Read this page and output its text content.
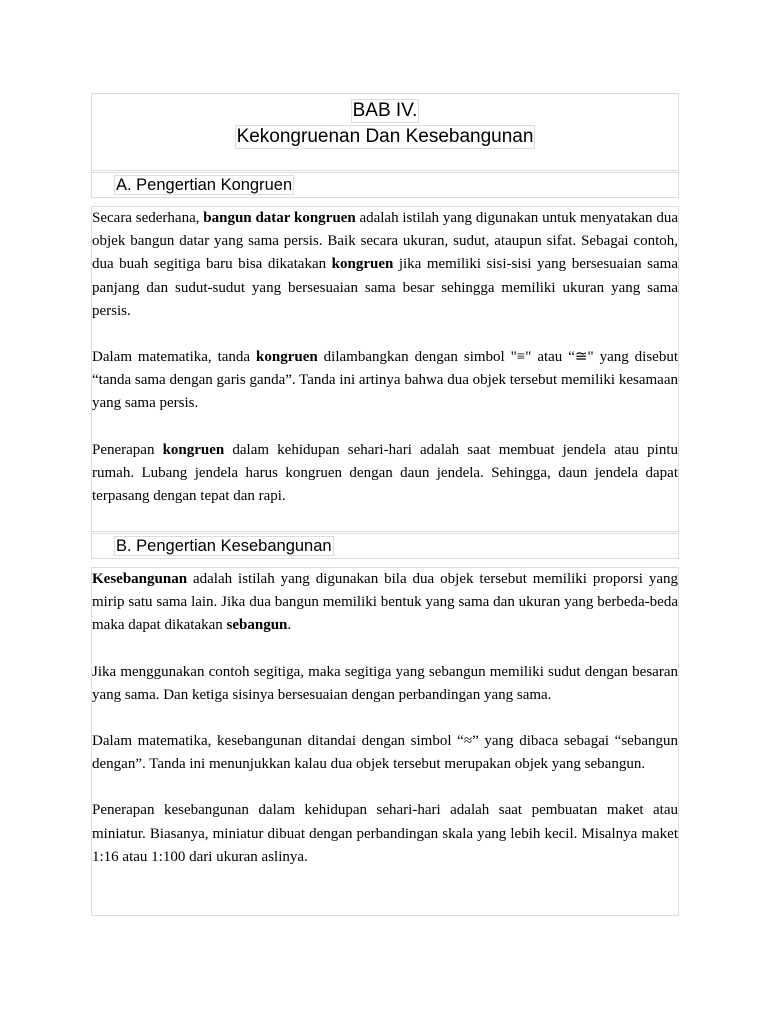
BAB IV.
Kekongruenan Dan Kesebangunan
A. Pengertian Kongruen
Secara sederhana, bangun datar kongruen adalah istilah yang digunakan untuk menyatakan dua objek bangun datar yang sama persis. Baik secara ukuran, sudut, ataupun sifat. Sebagai contoh, dua buah segitiga baru bisa dikatakan kongruen jika memiliki sisi-sisi yang bersesuaian sama panjang dan sudut-sudut yang bersesuaian sama besar sehingga memiliki ukuran yang sama persis.
Dalam matematika, tanda kongruen dilambangkan dengan simbol "≡" atau “≅" yang disebut “tanda sama dengan garis ganda”. Tanda ini artinya bahwa dua objek tersebut memiliki kesamaan yang sama persis.
Penerapan kongruen dalam kehidupan sehari-hari adalah saat membuat jendela atau pintu rumah. Lubang jendela harus kongruen dengan daun jendela. Sehingga, daun jendela dapat terpasang dengan tepat dan rapi.
B. Pengertian Kesebangunan
Kesebangunan adalah istilah yang digunakan bila dua objek tersebut memiliki proporsi yang mirip satu sama lain. Jika dua bangun memiliki bentuk yang sama dan ukuran yang berbeda-beda maka dapat dikatakan sebangun.
Jika menggunakan contoh segitiga, maka segitiga yang sebangun memiliki sudut dengan besaran yang sama. Dan ketiga sisinya bersesuaian dengan perbandingan yang sama.
Dalam matematika, kesebangunan ditandai dengan simbol “≈” yang dibaca sebagai “sebangun dengan”. Tanda ini menunjukkan kalau dua objek tersebut merupakan objek yang sebangun.
Penerapan kesebangunan dalam kehidupan sehari-hari adalah saat pembuatan maket atau miniatur. Biasanya, miniatur dibuat dengan perbandingan skala yang lebih kecil. Misalnya maket 1:16 atau 1:100 dari ukuran aslinya.
